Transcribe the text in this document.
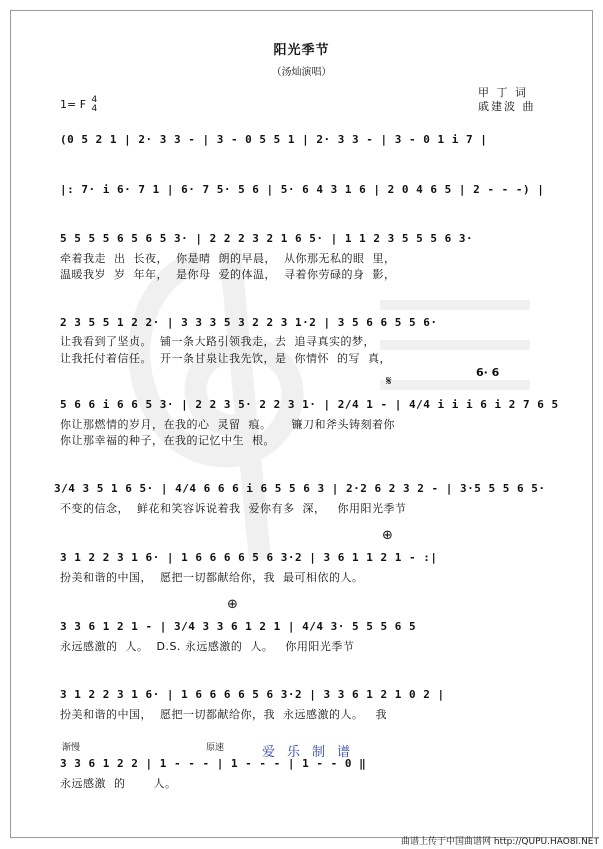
阳光季节
（汤灿演唱）
1= F 4
4
甲 丁 词
戚建波 曲
(0 5 2 1 | 2· 3 3 - | 3 - 0 5 5 1 | 2· 3 3 - | 3 - 0 1 i 7 |
|: 7· i 6· 7 1 | 6· 7 5· 5 6 | 5· 6 4 3 1 6 | 2 0 4 6 5 | 2 - - -) |
5 5 5 5 6 5 6 5 3· | 2 2 2 3 2 1 6 5· | 1 1 2 3 5 5 5 6 3·
牵着我走  出  长夜，  你是晴  朗的早晨，  从你那无私的眼  里，
温暖我岁  岁  年年，  是你母  爱的体温，  寻着你劳碌的身  影，
2 3 5 5 1 2 2· | 3 3 3 5 3 2 2 3 1·2 | 3 5 6 6 5 5 6·
让我看到了坚贞。  铺一条大路引领我走，去  追寻真实的梦，
让我托付着信任。  开一条甘泉让我先饮，是  你情怀  的写  真，
𝄋
6· 6
5 6 6 i 6 6 5 3· | 2 2 3 5· 2 2 3 1· | 2/4 1 - | 4/4 i i i 6 i 2 7 6 5
你让那燃情的岁月，在我的心  灵留  痕。     镰刀和斧头铸刻着你
你让那幸福的种子，在我的记忆中生  根。
3/4 3 5 1 6 5· | 4/4 6 6 6 i 6 5 5 6 3 | 2·2 6 2 3 2 - | 3·5 5 5 6 5·
不变的信念，  鲜花和笑容诉说着我  爱你有多  深，   你用阳光季节
⊕
3 1 2 2 3 1 6· | 1 6 6 6 6 5 6 3·2 | 3 6 1 1 2 1 - :|
扮美和谐的中国，  愿把一切都献给你，我  最可相依的人。
⊕
3 3 6 1 2 1 - | 3/4 3 3 6 1 2 1 | 4/4 3· 5 5 5 6 5
永远感激的  人。  D.S. 永远感激的  人。   你用阳光季节
3 1 2 2 3 1 6· | 1 6 6 6 6 5 6 3·2 | 3 3 6 1 2 1 0 2 |
扮美和谐的中国，  愿把一切都献给你，我  永远感激的人。   我
渐慢	原速	爱乐制谱
3 3 6 1 2 2 | 1 - - - | 1 - - - | 1 - - 0 ‖
永远感激  的       人。
曲谱上传于中国曲谱网 http://QUPU.HAO8I.NET
